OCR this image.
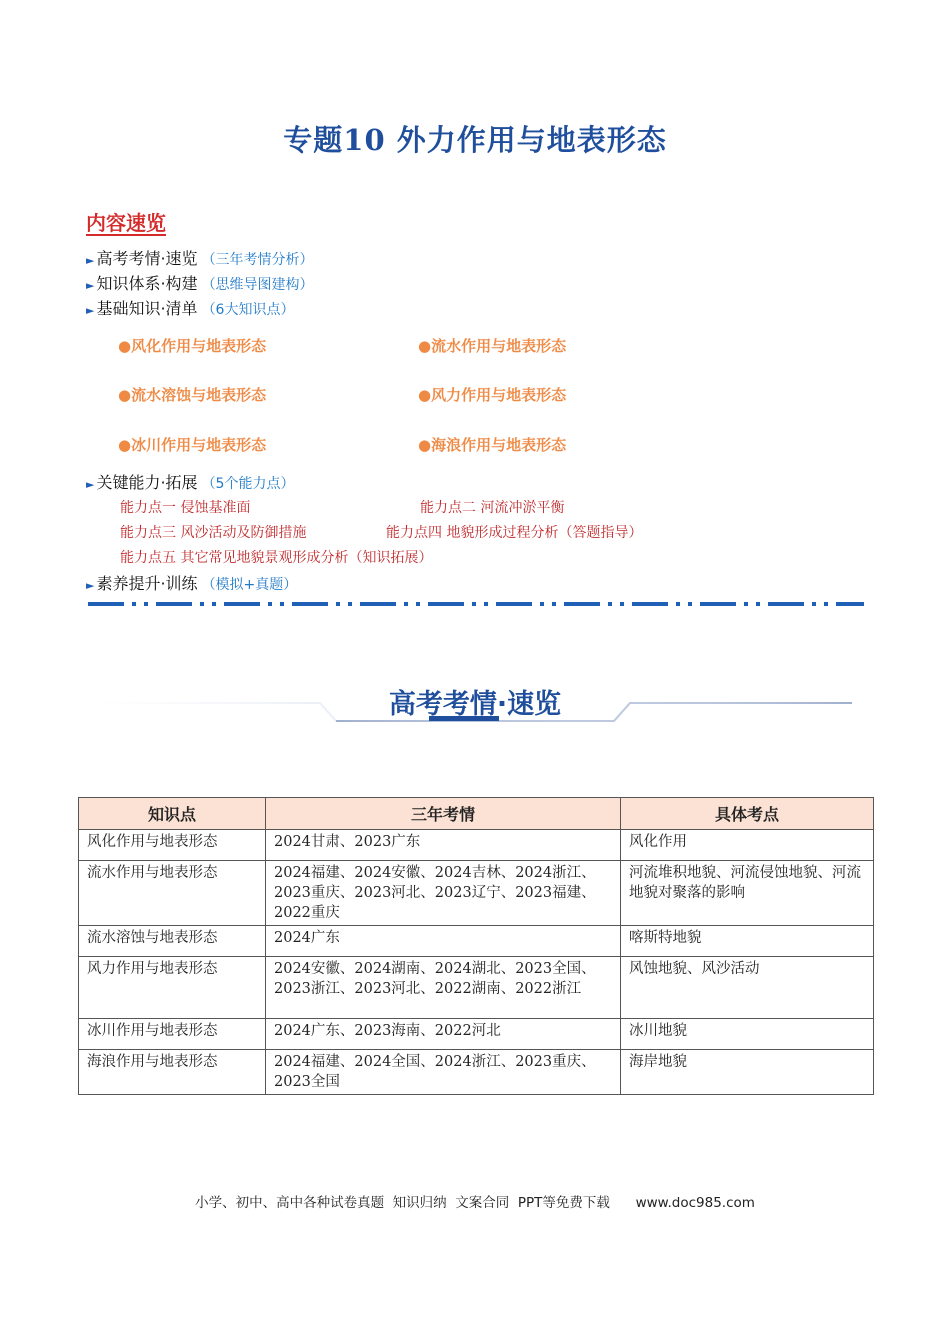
专题10 外力作用与地表形态
内容速览
► 高考考情·速览 （三年考情分析）
► 知识体系·构建 （思维导图建构）
► 基础知识·清单 （6大知识点）
●风化作用与地表形态	●流水作用与地表形态
●流水溶蚀与地表形态	●风力作用与地表形态
●冰川作用与地表形态	●海浪作用与地表形态
► 关键能力·拓展 （5个能力点）
能力点一 侵蚀基准面	能力点二 河流冲淤平衡
能力点三 风沙活动及防御措施	能力点四 地貌形成过程分析（答题指导）
能力点五 其它常见地貌景观形成分析（知识拓展）
► 素养提升·训练 （模拟+真题）
高考考情·速览
知识点	三年考情	具体考点
风化作用与地表形态	2024甘肃、2023广东	风化作用
流水作用与地表形态	2024福建、2024安徽、2024吉林、2024浙江、2023重庆、2023河北、2023辽宁、2023福建、2022重庆	河流堆积地貌、河流侵蚀地貌、河流地貌对聚落的影响
流水溶蚀与地表形态	2024广东	喀斯特地貌
风力作用与地表形态	2024安徽、2024湖南、2024湖北、2023全国、2023浙江、2023河北、2022湖南、2022浙江	风蚀地貌、风沙活动
冰川作用与地表形态	2024广东、2023海南、2022河北	冰川地貌
海浪作用与地表形态	2024福建、2024全国、2024浙江、2023重庆、2023全国	海岸地貌
小学、初中、高中各种试卷真题  知识归纳  文案合同  PPT等免费下载      www.doc985.com
